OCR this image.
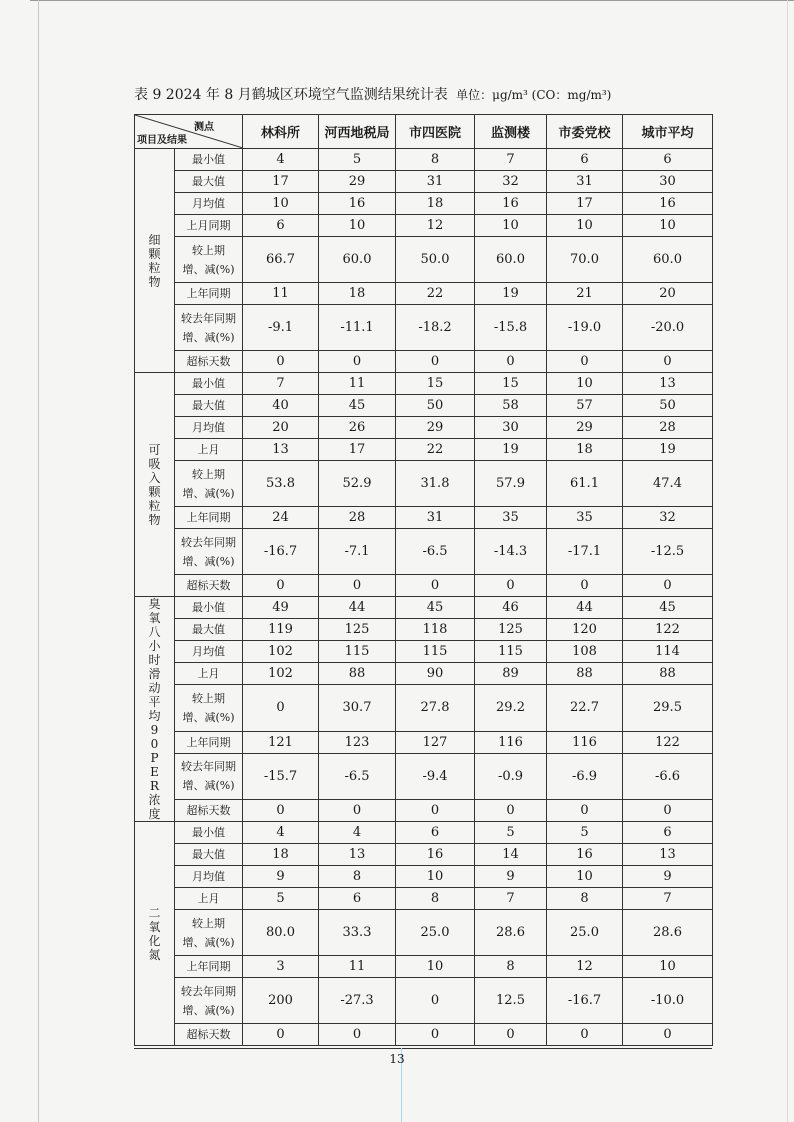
表 9 2024 年 8 月鹤城区环境空气监测结果统计表 单位：μg/m³ (CO：mg/m³)
测点
项目及结果		林科所	河西地税局	市四医院	监测楼	市委党校	城市平均
细颗粒物	最小值	4	5	8	7	6	6
	最大值	17	29	31	32	31	30
	月均值	10	16	18	16	17	16
	上月同期	6	10	12	10	10	10

	较上期
增、减(%)	66.7	60.0	50.0	60.0	70.0	60.0
	上年同期	11	18	22	19	21	20

	较去年同期
增、减(%)	-9.1	-11.1	-18.2	-15.8	-19.0	-20.0
	超标天数	0	0	0	0	0	0
可吸入颗粒物	最小值	7	11	15	15	10	13
	最大值	40	45	50	58	57	50
	月均值	20	26	29	30	29	28
	上月	13	17	22	19	18	19

	较上期
增、减(%)	53.8	52.9	31.8	57.9	61.1	47.4
	上年同期	24	28	31	35	35	32

	较去年同期
增、减(%)	-16.7	-7.1	-6.5	-14.3	-17.1	-12.5
	超标天数	0	0	0	0	0	0
臭氧八小时滑动平均90PER浓度	最小值	49	44	45	46	44	45
	最大值	119	125	118	125	120	122
	月均值	102	115	115	115	108	114
	上月	102	88	90	89	88	88

	较上期
增、减(%)	0	30.7	27.8	29.2	22.7	29.5
	上年同期	121	123	127	116	116	122

	较去年同期
增、减(%)	-15.7	-6.5	-9.4	-0.9	-6.9	-6.6
	超标天数	0	0	0	0	0	0
二氧化氮	最小值	4	4	6	5	5	6
	最大值	18	13	16	14	16	13
	月均值	9	8	10	9	10	9
	上月	5	6	8	7	8	7

	较上期
增、减(%)	80.0	33.3	25.0	28.6	25.0	28.6
	上年同期	3	11	10	8	12	10

	较去年同期
增、减(%)	200	-27.3	0	12.5	-16.7	-10.0
	超标天数	0	0	0	0	0	0
13
